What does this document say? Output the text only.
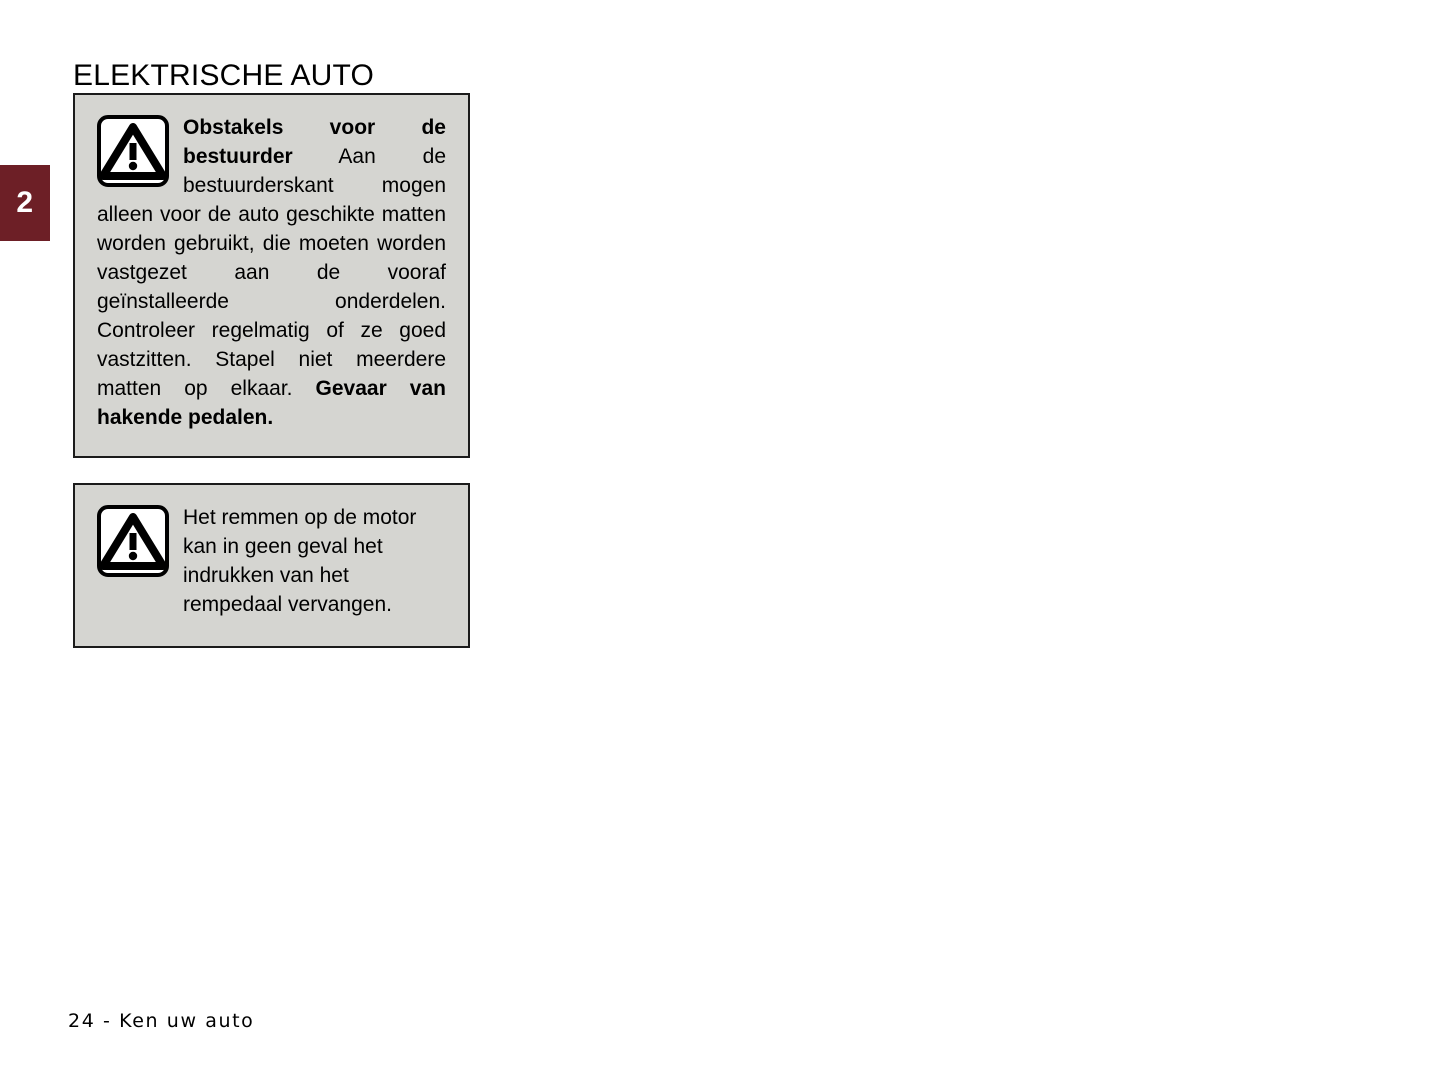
2
ELEKTRISCHE AUTO

Obstakels voor de bestuurder Aan de bestuurderskant mogen alleen voor de auto geschikte matten worden gebruikt, die moeten worden vastgezet aan de vooraf geïnstalleerde onderdelen. Controleer regelmatig of ze goed vastzitten. Stapel niet meerdere matten op elkaar. Gevaar van hakende pedalen.

Het remmen op de motor kan in geen geval het indrukken van het rempedaal vervangen.

24 - Ken uw auto
